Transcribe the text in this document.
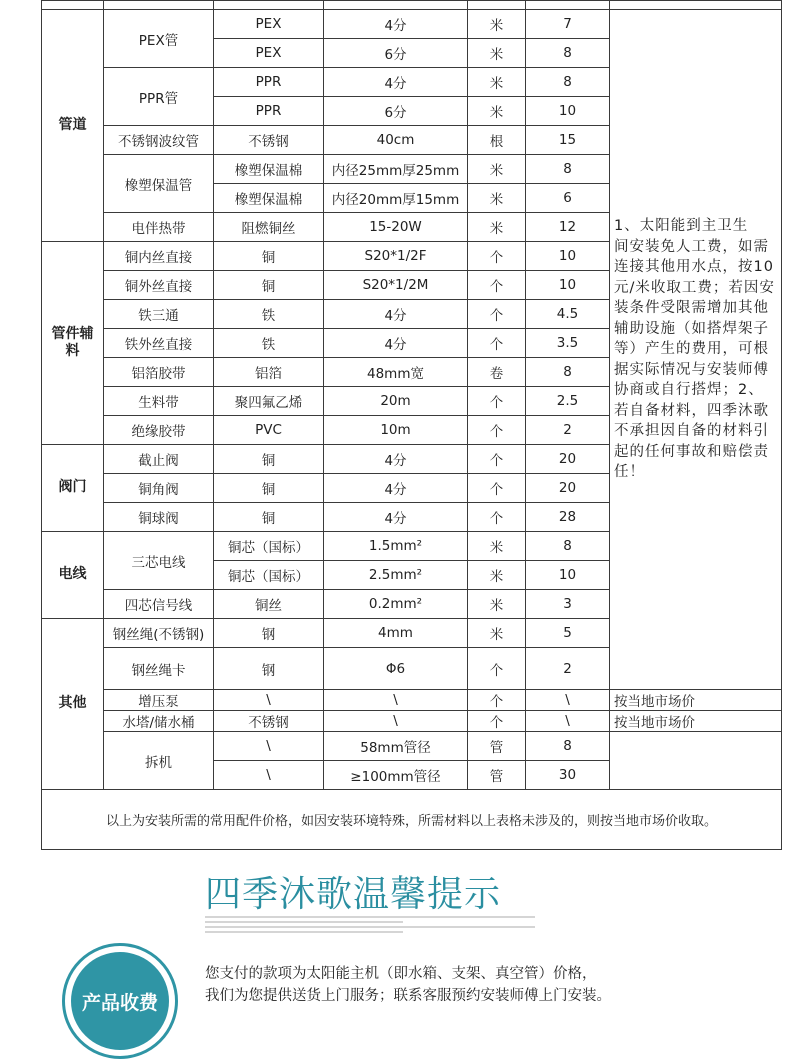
管道	PEX管	PEX	4分	米	7	1、太阳能到主卫生　间安装免人工费，如需连接其他用水点，按10元/米收取工费；若因安装条件受限需增加其他辅助设施（如搭焊架子等）产生的费用，可根据实际情况与安装师傅协商或自行搭焊；2、若自备材料，四季沐歌不承担因自备的材料引起的任何事故和赔偿责任！
		PEX	6分	米	8	
	PPR管	PPR	4分	米	8	
		PPR	6分	米	10	
	不锈钢波纹管	不锈钢	40cm	根	15	
	橡塑保温管	橡塑保温棉	内径25mm厚25mm	米	8	
		橡塑保温棉	内径20mm厚15mm	米	6	
	电伴热带	阻燃铜丝	15-20W	米	12	
管件辅料	铜内丝直接	铜	S20*1/2F	个	10	
	铜外丝直接	铜	S20*1/2M	个	10	
	铁三通	铁	4分	个	4.5	
	铁外丝直接	铁	4分	个	3.5	
	铝箔胶带	铝箔	48mm宽	卷	8	
	生料带	聚四氟乙烯	20m	个	2.5	
	绝缘胶带	PVC	10m	个	2	
阀门	截止阀	铜	4分	个	20	
	铜角阀	铜	4分	个	20	
	铜球阀	铜	4分	个	28	
电线	三芯电线	铜芯（国标）	1.5mm²	米	8	
		铜芯（国标）	2.5mm²	米	10	
	四芯信号线	铜丝	0.2mm²	米	3	
其他	钢丝绳(不锈钢)	钢	4mm	米	5	
	钢丝绳卡	钢	Φ6	个	2	
	增压泵	\	\	个	\	按当地市场价
	水塔/储水桶	不锈钢	\	个	\	按当地市场价
	拆机	\	58mm管径	管	8	
		\	≥100mm管径	管	30	
以上为安装所需的常用配件价格，如因安装环境特殊，所需材料以上表格未涉及的，则按当地市场价收取。						
四季沐歌温馨提示
产品收费
您支付的款项为太阳能主机（即水箱、支架、真空管）价格，
我们为您提供送货上门服务；联系客服预约安装师傅上门安装。
